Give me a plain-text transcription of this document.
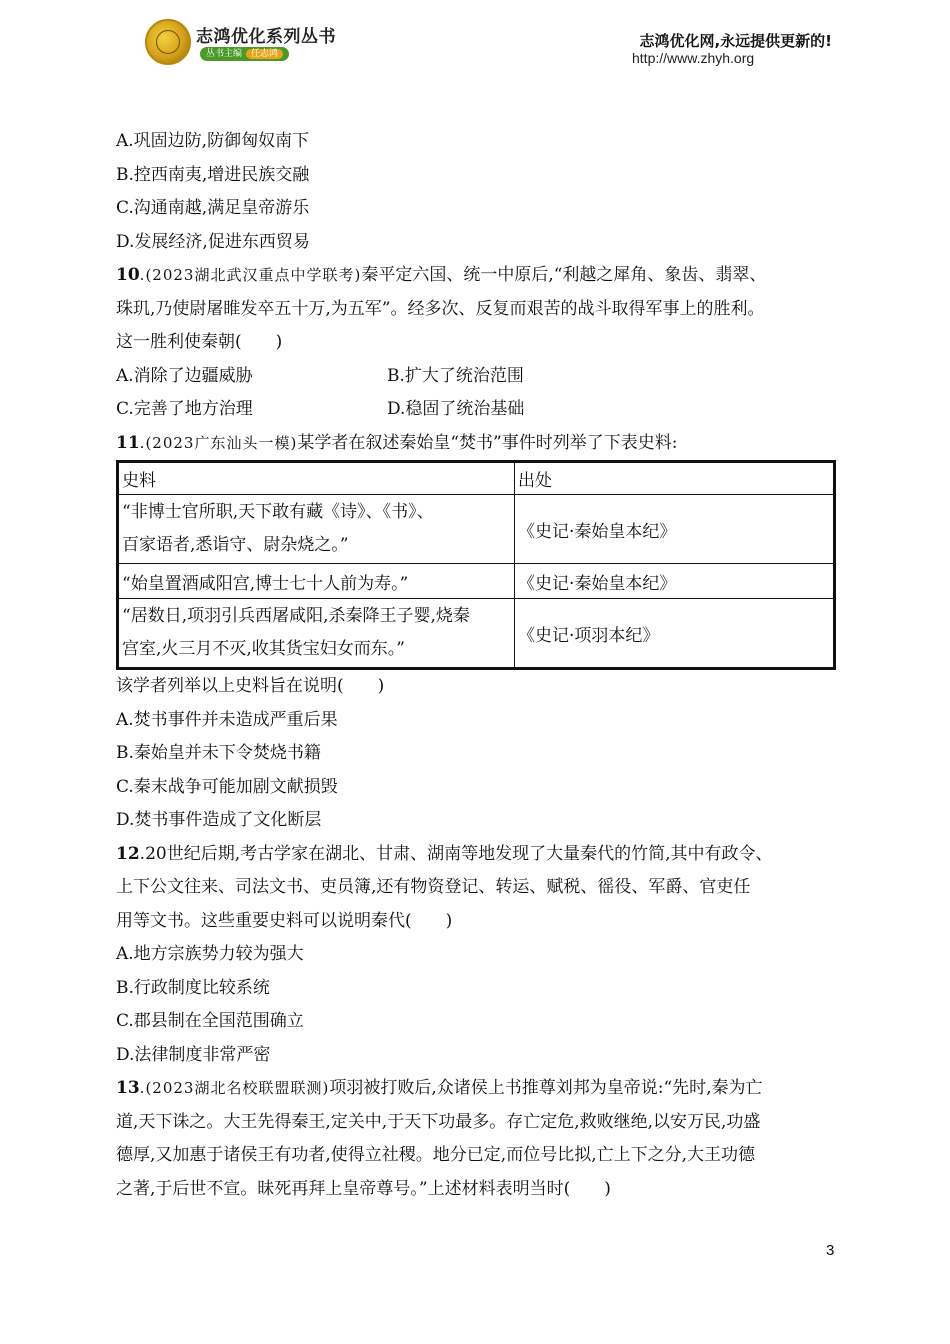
志鸿优化系列丛书
丛书主编 任志鸿
志鸿优化网,永远提供更新的!
http://www.zhyh.org
A.巩固边防,防御匈奴南下
B.控西南夷,增进民族交融
C.沟通南越,满足皇帝游乐
D.发展经济,促进东西贸易
10.(2023湖北武汉重点中学联考)秦平定六国、统一中原后,“利越之犀角、象齿、翡翠、
珠玑,乃使尉屠睢发卒五十万,为五军”。经多次、反复而艰苦的战斗取得军事上的胜利。
这一胜利使秦朝(　　)
A.消除了边疆威胁	B.扩大了统治范围
C.完善了地方治理	D.稳固了统治基础
11.(2023广东汕头一模)某学者在叙述秦始皇“焚书”事件时列举了下表史料:
史料	出处

“非博士官所职,天下敢有藏《诗》、《书》、
百家语者,悉诣守、尉杂烧之。”	《史记·秦始皇本纪》
“始皇置酒咸阳宫,博士七十人前为寿。”	《史记·秦始皇本纪》

“居数日,项羽引兵西屠咸阳,杀秦降王子婴,烧秦
宫室,火三月不灭,收其货宝妇女而东。”	《史记·项羽本纪》
该学者列举以上史料旨在说明(　　)
A.焚书事件并未造成严重后果
B.秦始皇并未下令焚烧书籍
C.秦末战争可能加剧文献损毁
D.焚书事件造成了文化断层
12.20世纪后期,考古学家在湖北、甘肃、湖南等地发现了大量秦代的竹简,其中有政令、
上下公文往来、司法文书、吏员簿,还有物资登记、转运、赋税、徭役、军爵、官吏任
用等文书。这些重要史料可以说明秦代(　　)
A.地方宗族势力较为强大
B.行政制度比较系统
C.郡县制在全国范围确立
D.法律制度非常严密
13.(2023湖北名校联盟联测)项羽被打败后,众诸侯上书推尊刘邦为皇帝说:“先时,秦为亡
道,天下诛之。大王先得秦王,定关中,于天下功最多。存亡定危,救败继绝,以安万民,功盛
德厚,又加惠于诸侯王有功者,使得立社稷。地分已定,而位号比拟,亡上下之分,大王功德
之著,于后世不宣。昧死再拜上皇帝尊号。”上述材料表明当时(　　)
3
